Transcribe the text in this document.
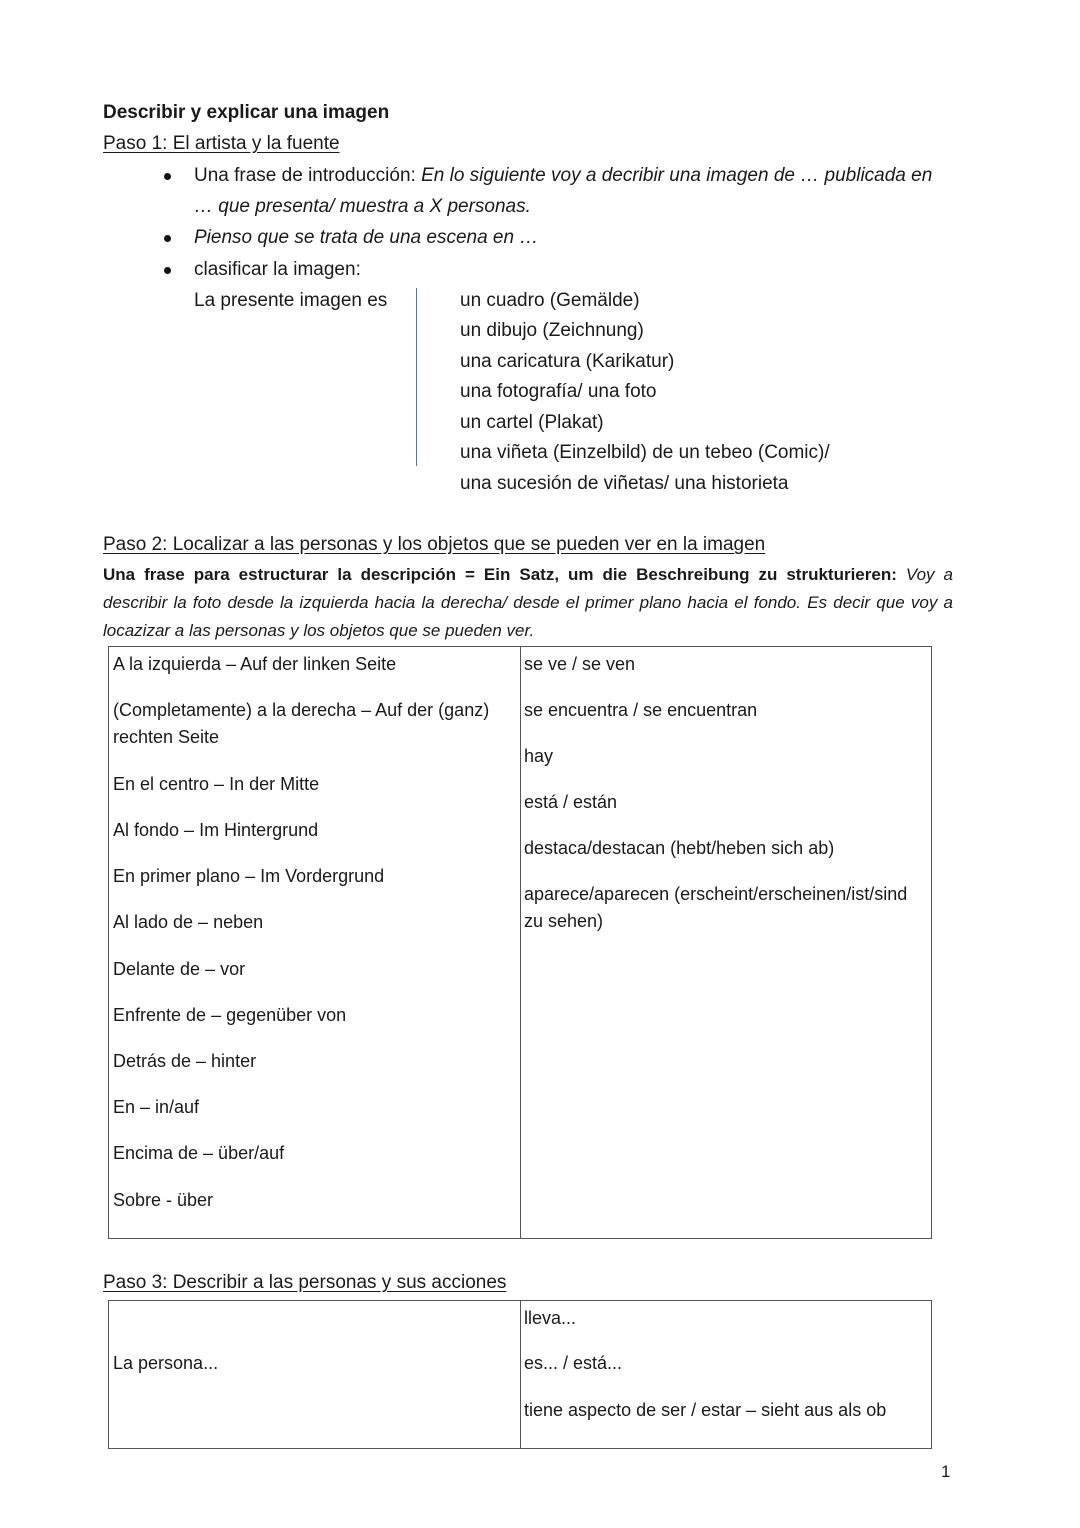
Describir y explicar una imagen
Paso 1: El artista y la fuente
Una frase de introducción: En lo siguiente voy a decribir una imagen de … publicada en
… que presenta/ muestra a X personas.
Pienso que se trata de una escena en …
clasificar la imagen:
La presente imagen es	un cuadro (Gemälde)
un dibujo (Zeichnung)
una caricatura (Karikatur)
una fotografía/ una foto
un cartel (Plakat)
una viñeta (Einzelbild) de un tebeo (Comic)/
una sucesión de viñetas/ una historieta
Paso 2: Localizar a las personas y los objetos que se pueden ver en la imagen
Una frase para estructurar la descripción = Ein Satz, um die Beschreibung zu strukturieren: Voy a describir la foto desde la izquierda hacia la derecha/ desde el primer plano hacia el fondo. Es decir que voy a locazizar a las personas y los objetos que se pueden ver.
A la izquierda – Auf der linken Seite
(Completamente) a la derecha – Auf der (ganz)
rechten Seite
En el centro – In der Mitte
Al fondo – Im Hintergrund
En primer plano – Im Vordergrund
Al lado de – neben
Delante de – vor
Enfrente de – gegenüber von
Detrás de – hinter
En – in/auf
Encima de – über/auf
Sobre - über
se ve / se ven
se encuentra / se encuentran
hay
está / están
destaca/destacan (hebt/heben sich ab)
aparece/aparecen (erscheint/erscheinen/ist/sind
zu sehen)
Paso 3: Describir a las personas y sus acciones
La persona...
lleva...
es... / está...
tiene aspecto de ser / estar – sieht aus als ob
1
